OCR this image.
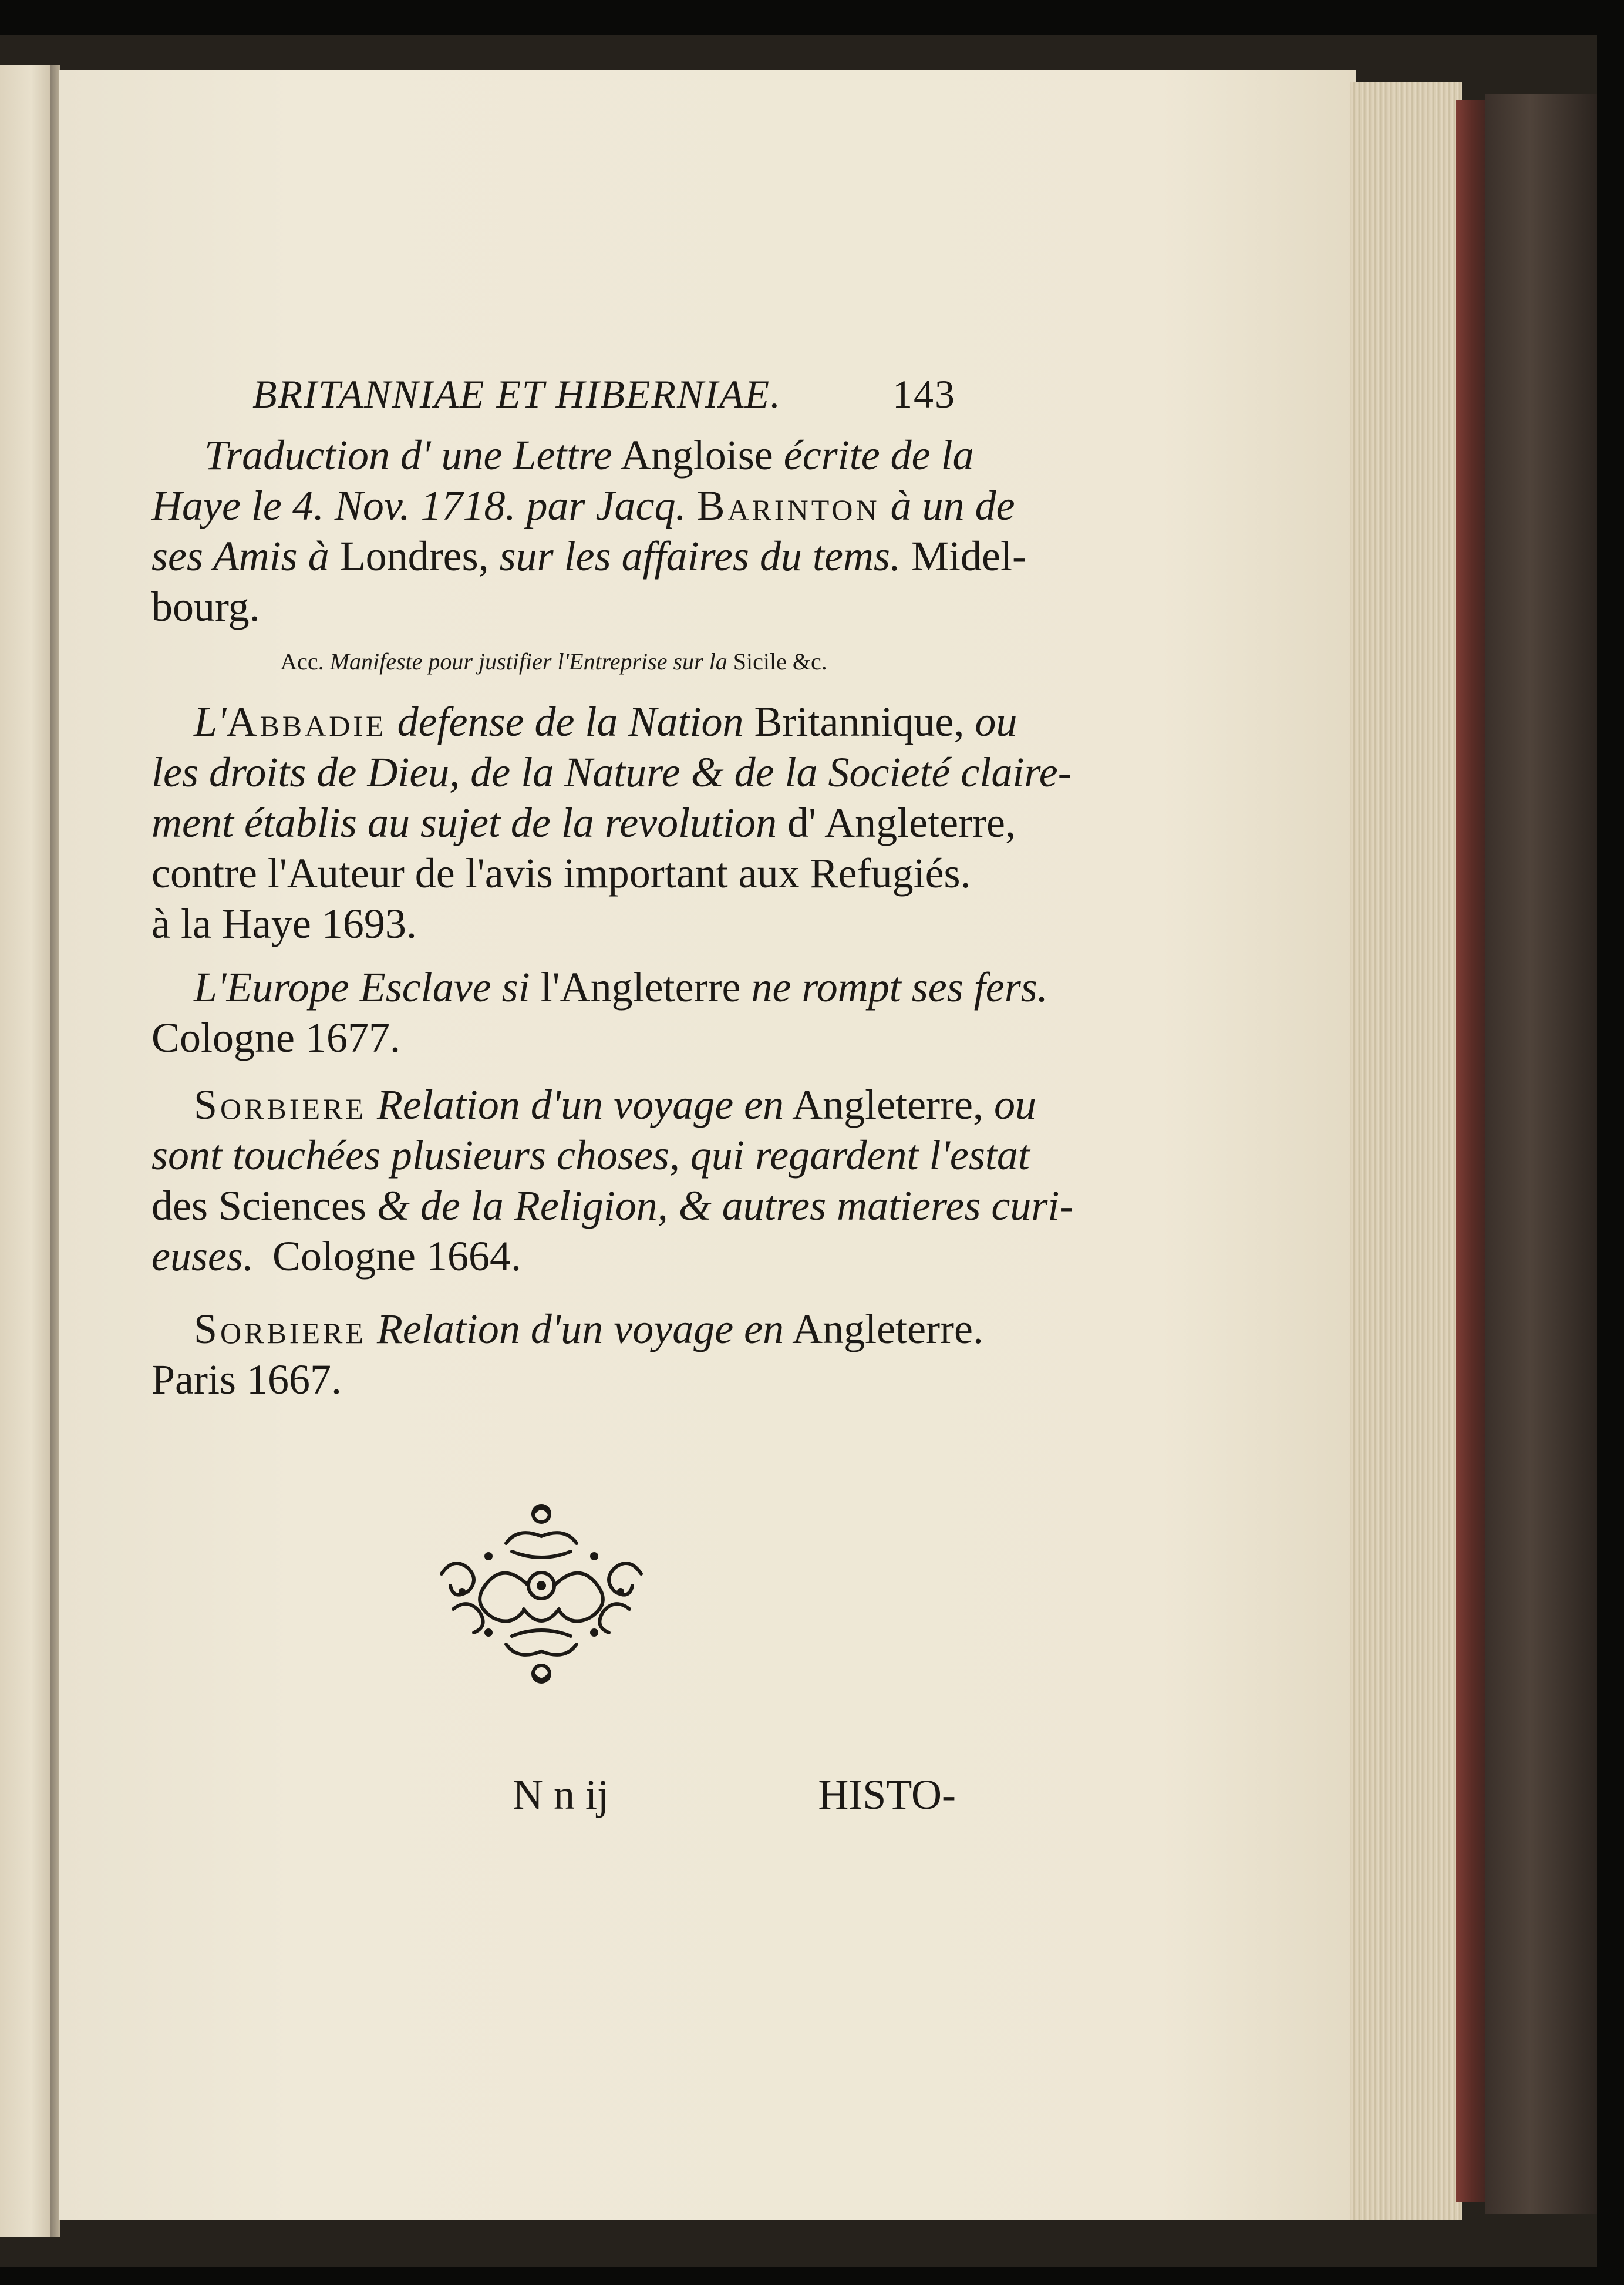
BRITANNIAE ET HIBERNIAE.	143
Traduction d' une Lettre Angloise écrite de la
Haye le 4. Nov. 1718. par Jacq. Barinton à un de
ses Amis à Londres, sur les affaires du tems. Midel-
bourg.
Acc. Manifeste pour justifier l'Entreprise sur la Sicile &c.
L'Abbadie defense de la Nation Britannique, ou
les droits de Dieu, de la Nature & de la Societé claire-
ment établis au sujet de la revolution d' Angleterre,
contre l'Auteur de l'avis important aux Refugiés.
à la Haye 1693.
L'Europe Esclave si l'Angleterre ne rompt ses fers.
Cologne 1677.
Sorbiere Relation d'un voyage en Angleterre, ou
sont touchées plusieurs choses, qui regardent l'estat
des Sciences & de la Religion, & autres matieres curi-
euses. Cologne 1664.
Sorbiere Relation d'un voyage en Angleterre.
Paris 1667.
N n ij	HISTO-
